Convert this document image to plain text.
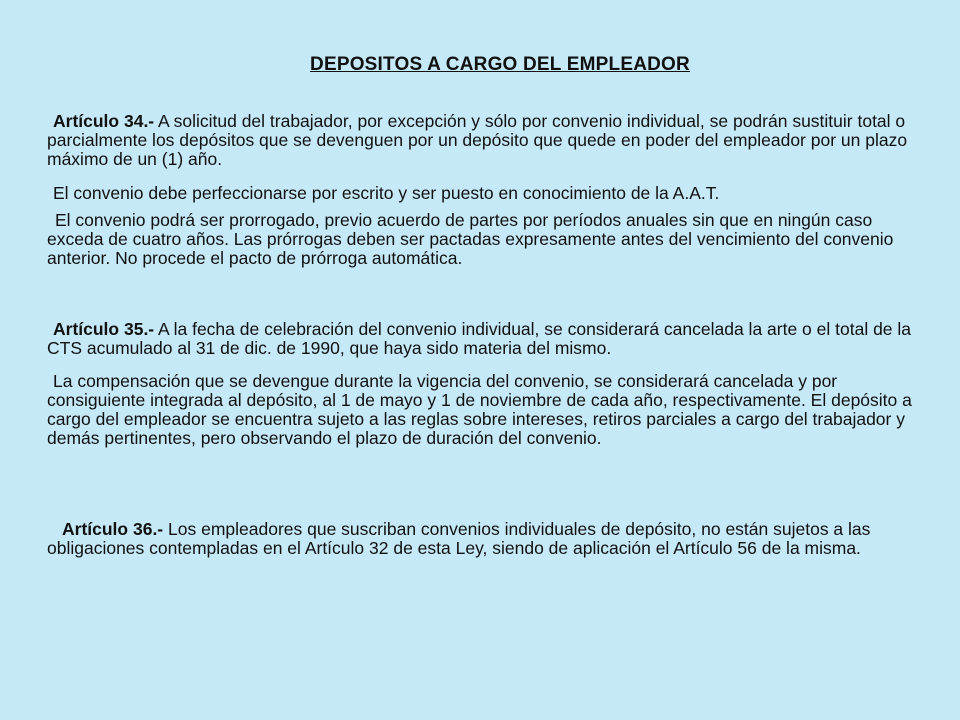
DEPOSITOS A CARGO DEL EMPLEADOR

Artículo 34.- A solicitud del trabajador, por excepción y sólo por convenio individual, se podrán sustituir total o parcialmente los depósitos que se devenguen por un depósito que quede en poder del empleador por un plazo máximo de un (1) año.

El convenio debe perfeccionarse por escrito y ser puesto en conocimiento de la A.A.T.

El convenio podrá ser prorrogado, previo acuerdo de partes por períodos anuales sin que en ningún caso exceda de cuatro años. Las prórrogas deben ser pactadas expresamente antes del vencimiento del convenio anterior. No procede el pacto de prórroga automática.

Artículo 35.- A la fecha de celebración del convenio individual, se considerará cancelada la arte o el total de la CTS acumulado al 31 de dic. de 1990, que haya sido materia del mismo.

La compensación que se devengue durante la vigencia del convenio, se considerará cancelada y por consiguiente integrada al depósito, al 1 de mayo y 1 de noviembre de cada año, respectivamente. El depósito a cargo del empleador se encuentra sujeto a las reglas sobre intereses, retiros parciales a cargo del trabajador y demás pertinentes, pero observando el plazo de duración del convenio.

Artículo 36.- Los empleadores que suscriban convenios individuales de depósito, no están sujetos a las obligaciones contempladas en el Artículo 32 de esta Ley, siendo de aplicación el Artículo 56 de la misma.
